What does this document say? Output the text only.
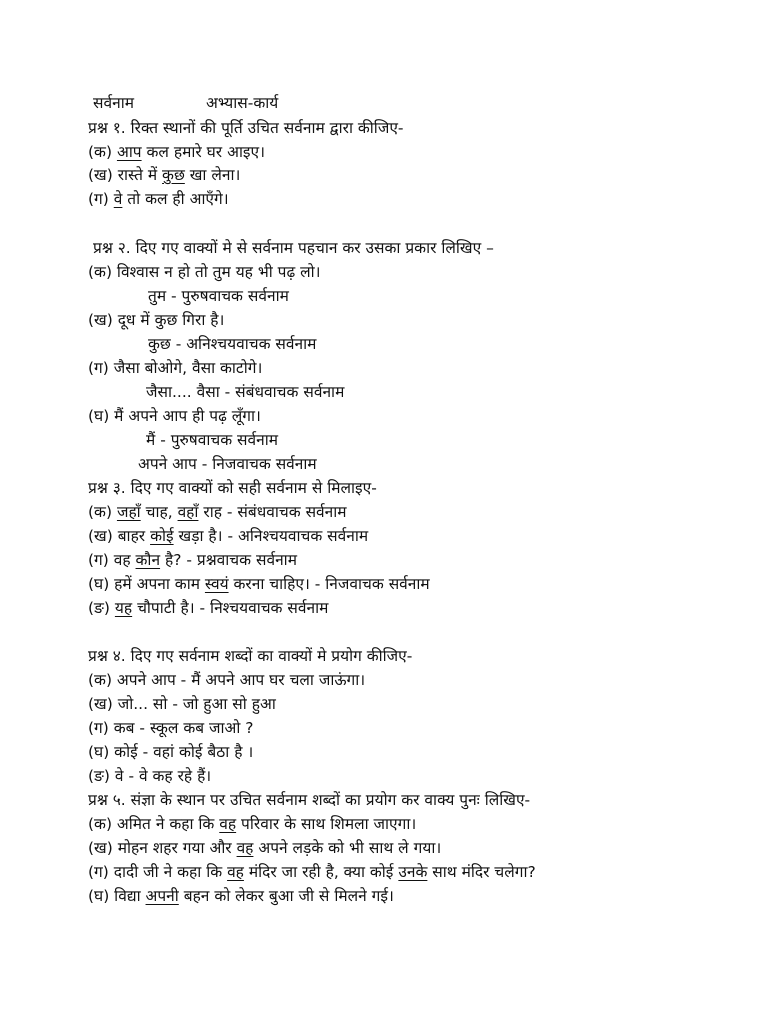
सर्वनाम	अभ्यास-कार्य
प्रश्न १. रिक्त स्थानों की पूर्ति उचित सर्वनाम द्वारा कीजिए-
(क) आप कल हमारे घर आइए।
(ख) रास्ते में कुछ खा लेना।
(ग) वे तो कल ही आएँगे।
प्रश्न २. दिए गए वाक्यों मे से सर्वनाम पहचान कर उसका प्रकार लिखिए –
(क) विश्वास न हो तो तुम यह भी पढ़ लो।
तुम - पुरुषवाचक सर्वनाम
(ख) दूध में कुछ गिरा है।
कुछ - अनिश्चयवाचक सर्वनाम
(ग) जैसा बोओगे, वैसा काटोगे।
जैसा.... वैसा - संबंधवाचक सर्वनाम
(घ) मैं अपने आप ही पढ़ लूँगा।
मैं - पुरुषवाचक सर्वनाम
अपने आप - निजवाचक सर्वनाम
प्रश्न ३. दिए गए वाक्यों को सही सर्वनाम से मिलाइए-
(क) जहाँ चाह, वहाँ राह - संबंधवाचक सर्वनाम
(ख) बाहर कोई खड़ा है। - अनिश्चयवाचक सर्वनाम
(ग) वह कौन है? - प्रश्नवाचक सर्वनाम
(घ) हमें अपना काम स्वयं करना चाहिए। - निजवाचक सर्वनाम
(ङ) यह चौपाटी है। - निश्चयवाचक सर्वनाम
प्रश्न ४. दिए गए सर्वनाम शब्दों का वाक्यों मे प्रयोग कीजिए-
(क) अपने आप - मैं अपने आप घर चला जाऊंगा।
(ख) जो... सो - जो हुआ सो हुआ
(ग) कब - स्कूल कब जाओ ?
(घ) कोई - वहां कोई बैठा है ।
(ङ) वे - वे कह रहे हैं।
प्रश्न ५. संज्ञा के स्थान पर उचित सर्वनाम शब्दों का प्रयोग कर वाक्य पुनः लिखिए-
(क) अमित ने कहा कि वह परिवार के साथ शिमला जाएगा।
(ख) मोहन शहर गया और वह अपने लड़के को भी साथ ले गया।
(ग) दादी जी ने कहा कि वह मंदिर जा रही है, क्या कोई उनके साथ मंदिर चलेगा?
(घ) विद्या अपनी बहन को लेकर बुआ जी से मिलने गई।
